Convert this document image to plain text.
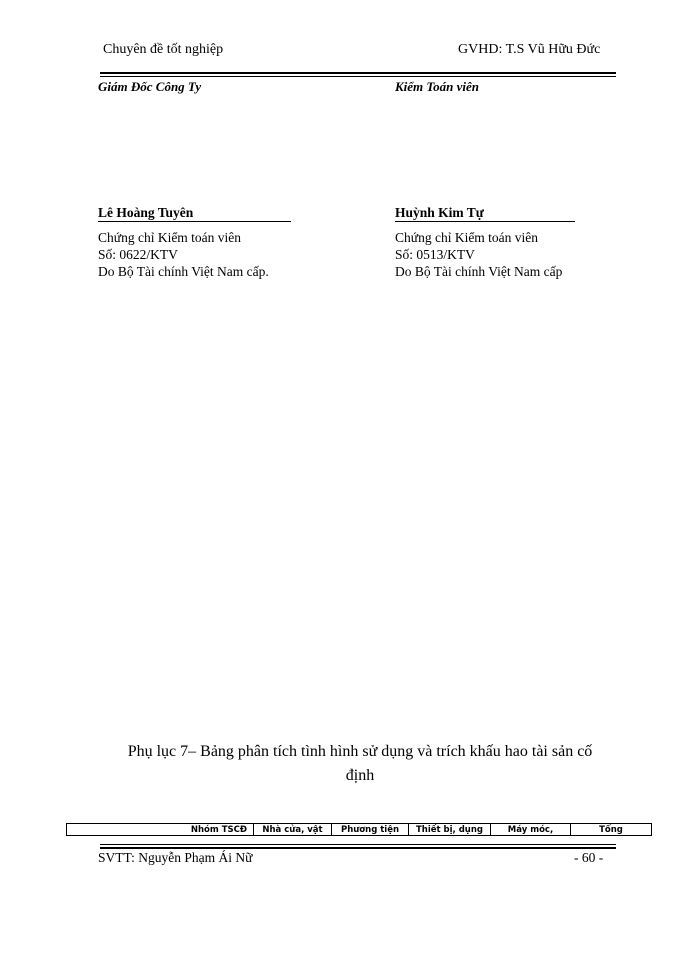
Chuyên đề tốt nghiệp	GVHD: T.S Vũ Hữu Đức
Giám Đốc Công Ty
Lê Hoàng Tuyên
Chứng chỉ Kiểm toán viên
Số: 0622/KTV
Do Bộ Tài chính Việt Nam cấp.
Kiểm Toán viên
Huỳnh Kim Tự
Chứng chỉ Kiểm toán viên
Số: 0513/KTV
Do Bộ Tài chính Việt Nam cấp
Phụ lục 7– Bảng phân tích tình hình sử dụng và trích khấu hao tài sản cố
định
Nhóm TSCĐ	Nhà cửa, vật	Phương tiện	Thiết bị, dụng	Máy móc,	Tổng
SVTT: Nguyễn Phạm Ái Nữ	- 60 -
